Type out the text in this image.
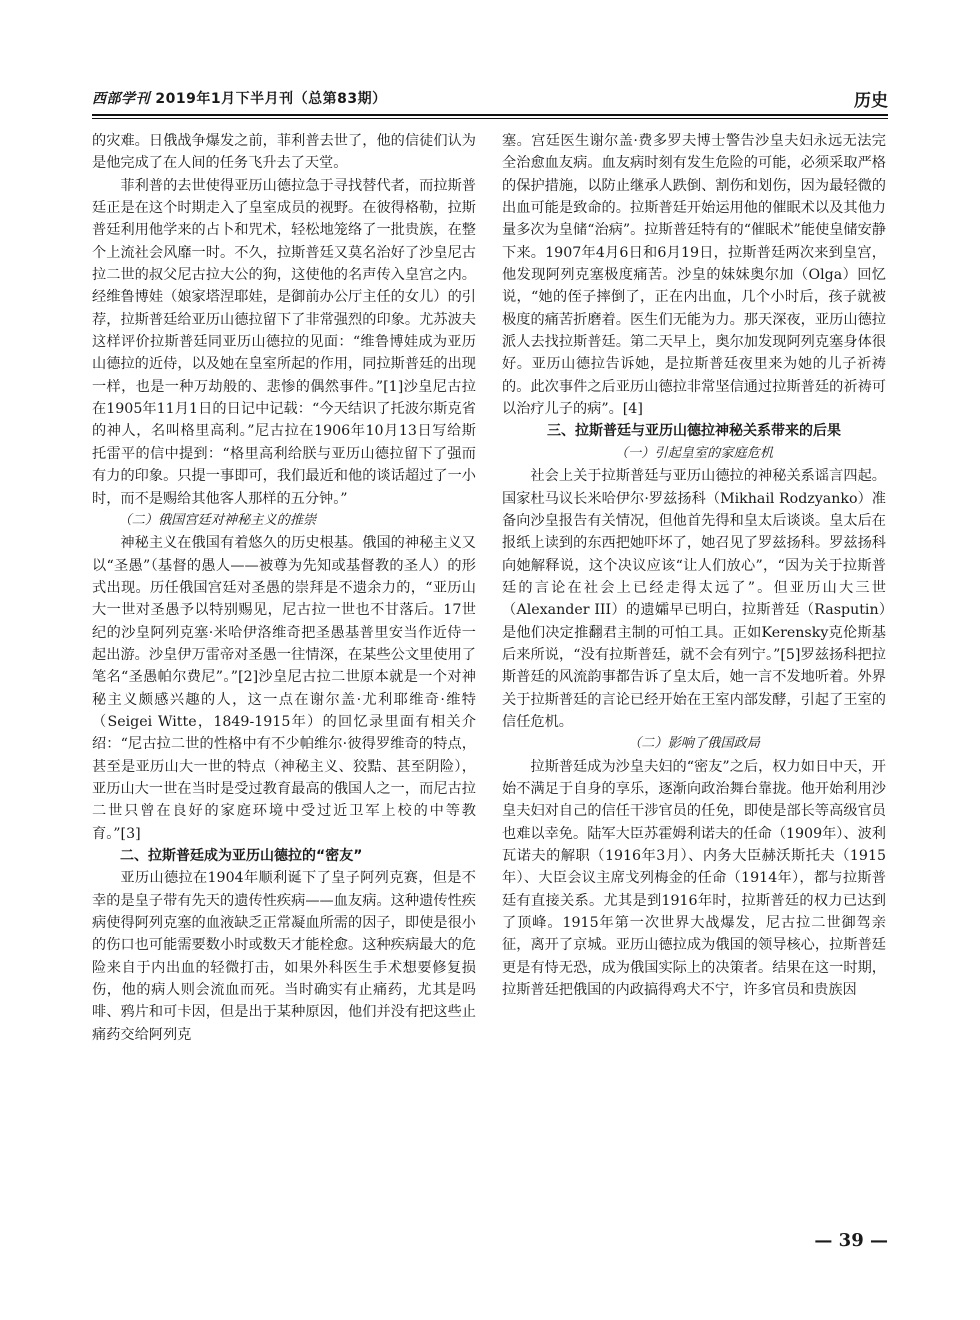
西部学刊 2019年1月下半月刊（总第83期）	历史

的灾难。日俄战争爆发之前，菲利普去世了，他的信徒们认为是他完成了在人间的任务飞升去了天堂。

菲利普的去世使得亚历山德拉急于寻找替代者，而拉斯普廷正是在这个时期走入了皇室成员的视野。在彼得格勒，拉斯普廷利用他学来的占卜和咒术，轻松地笼络了一批贵族，在整个上流社会风靡一时。不久，拉斯普廷又莫名治好了沙皇尼古拉二世的叔父尼古拉大公的狗，这使他的名声传入皇宫之内。经维鲁博娃（娘家塔涅耶娃，是御前办公厅主任的女儿）的引荐，拉斯普廷给亚历山德拉留下了非常强烈的印象。尤苏波夫这样评价拉斯普廷同亚历山德拉的见面：“维鲁博娃成为亚历山德拉的近侍，以及她在皇室所起的作用，同拉斯普廷的出现一样，也是一种万劫般的、悲惨的偶然事件。”[1]沙皇尼古拉在1905年11月1日的日记中记载：“今天结识了托波尔斯克省的神人，名叫格里高利。”尼古拉在1906年10月13日写给斯托雷平的信中提到：“格里高利给朕与亚历山德拉留下了强而有力的印象。只提一事即可，我们最近和他的谈话超过了一小时，而不是赐给其他客人那样的五分钟。”

（二）俄国宫廷对神秘主义的推崇

神秘主义在俄国有着悠久的历史根基。俄国的神秘主义又以“圣愚”（基督的愚人——被尊为先知或基督教的圣人）的形式出现。历任俄国宫廷对圣愚的崇拜是不遗余力的，“亚历山大一世对圣愚予以特别赐见，尼古拉一世也不甘落后。17世纪的沙皇阿列克塞·米哈伊洛维奇把圣愚基普里安当作近侍一起出游。沙皇伊万雷帝对圣愚一往情深，在某些公文里使用了笔名“圣愚帕尔费尼”。”[2]沙皇尼古拉二世原本就是一个对神秘主义颇感兴趣的人，这一点在谢尔盖·尤利耶维奇·维特（Seigei Witte，1849-1915年）的回忆录里面有相关介绍：“尼古拉二世的性格中有不少帕维尔·彼得罗维奇的特点，甚至是亚历山大一世的特点（神秘主义、狡黠、甚至阴险），亚历山大一世在当时是受过教育最高的俄国人之一，而尼古拉二世只曾在良好的家庭环境中受过近卫军上校的中等教育。”[3]

二、拉斯普廷成为亚历山德拉的“密友”

亚历山德拉在1904年顺利诞下了皇子阿列克赛，但是不幸的是皇子带有先天的遗传性疾病——血友病。这种遗传性疾病使得阿列克塞的血液缺乏正常凝血所需的因子，即使是很小的伤口也可能需要数小时或数天才能栓愈。这种疾病最大的危险来自于内出血的轻微打击，如果外科医生手术想要修复损伤，他的病人则会流血而死。当时确实有止痛药，尤其是吗啡、鸦片和可卡因，但是出于某种原因，他们并没有把这些止痛药交给阿列克

塞。宫廷医生谢尔盖·费多罗夫博士警告沙皇夫妇永远无法完全治愈血友病。血友病时刻有发生危险的可能，必须采取严格的保护措施，以防止继承人跌倒、割伤和划伤，因为最轻微的出血可能是致命的。拉斯普廷开始运用他的催眠术以及其他力量多次为皇储“治病”。拉斯普廷特有的“催眠术”能使皇储安静下来。1907年4月6日和6月19日，拉斯普廷两次来到皇宫，他发现阿列克塞极度痛苦。沙皇的妹妹奥尔加（Olga）回忆说，“她的侄子摔倒了，正在内出血，几个小时后，孩子就被极度的痛苦折磨着。医生们无能为力。那天深夜，亚历山德拉派人去找拉斯普廷。第二天早上，奥尔加发现阿列克塞身体很好。亚历山德拉告诉她，是拉斯普廷夜里来为她的儿子祈祷的。此次事件之后亚历山德拉非常坚信通过拉斯普廷的祈祷可以治疗儿子的病”。[4]

三、拉斯普廷与亚历山德拉神秘关系带来的后果

（一）引起皇室的家庭危机

社会上关于拉斯普廷与亚历山德拉的神秘关系谣言四起。国家杜马议长米哈伊尔·罗兹扬科（Mikhail Rodzyanko）准备向沙皇报告有关情况，但他首先得和皇太后谈谈。皇太后在报纸上读到的东西把她吓坏了，她召见了罗兹扬科。罗兹扬科向她解释说，这个决议应该“让人们放心”，“因为关于拉斯普廷的言论在社会上已经走得太远了”。但亚历山大三世（Alexander III）的遗孀早已明白，拉斯普廷（Rasputin）是他们决定推翻君主制的可怕工具。正如Kerensky克伦斯基后来所说，“没有拉斯普廷，就不会有列宁。”[5]罗兹扬科把拉斯普廷的风流韵事都告诉了皇太后，她一言不发地听着。外界关于拉斯普廷的言论已经开始在王室内部发酵，引起了王室的信任危机。

（二）影响了俄国政局

拉斯普廷成为沙皇夫妇的“密友”之后，权力如日中天，开始不满足于自身的享乐，逐渐向政治舞台靠拢。他开始利用沙皇夫妇对自己的信任干涉官员的任免，即使是部长等高级官员也难以幸免。陆军大臣苏霍姆利诺夫的任命（1909年）、波利瓦诺夫的解职（1916年3月）、内务大臣赫沃斯托夫（1915年）、大臣会议主席戈列梅金的任命（1914年），都与拉斯普廷有直接关系。尤其是到1916年时，拉斯普廷的权力已达到了顶峰。1915年第一次世界大战爆发，尼古拉二世御驾亲征，离开了京城。亚历山德拉成为俄国的领导核心，拉斯普廷更是有恃无恐，成为俄国实际上的决策者。结果在这一时期，拉斯普廷把俄国的内政搞得鸡犬不宁，许多官员和贵族因

— 39 —
